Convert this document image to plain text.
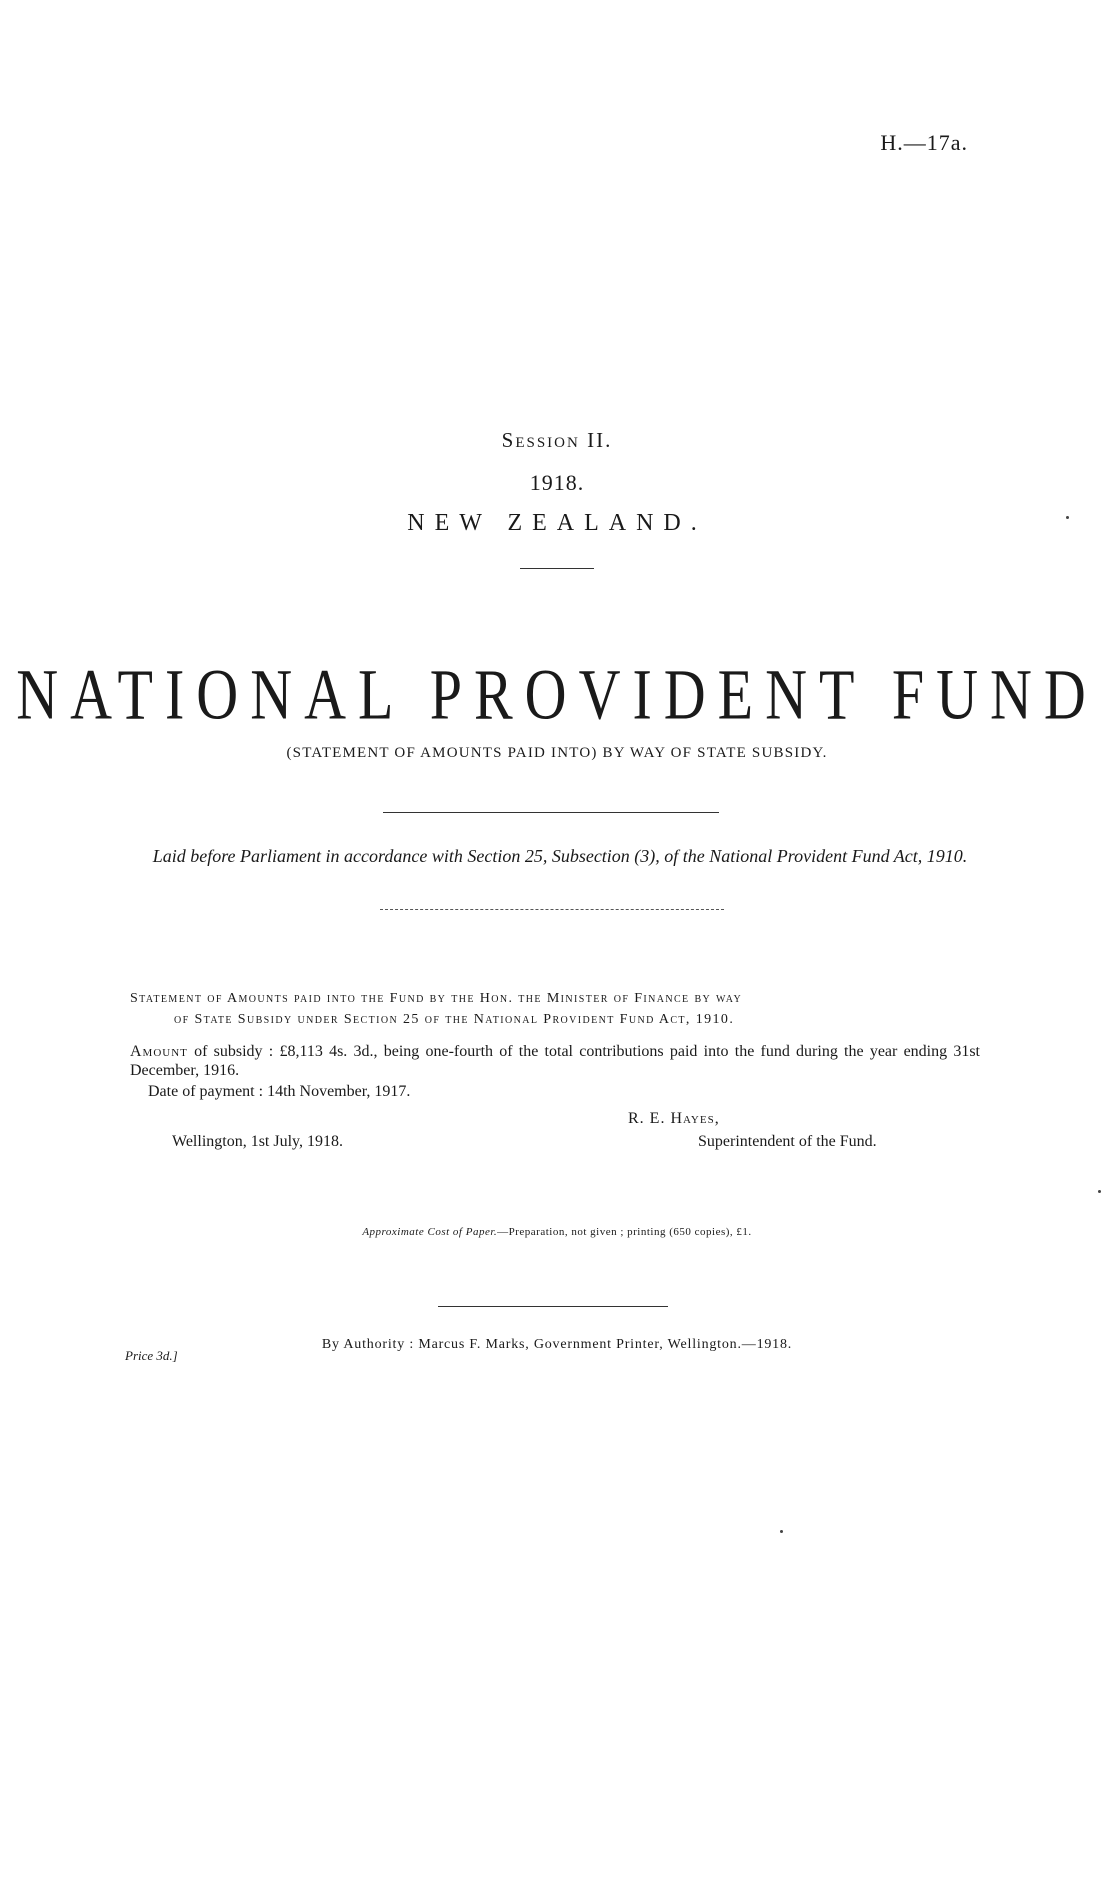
H.—17a.
Session II.
1918.
NEW ZEALAND.
NATIONAL PROVIDENT FUND
(STATEMENT OF AMOUNTS PAID INTO) BY WAY OF STATE SUBSIDY.
Laid before Parliament in accordance with Section 25, Subsection (3), of the National Provident Fund Act, 1910.
Statement of Amounts paid into the Fund by the Hon. the Minister of Finance by way
of State Subsidy under Section 25 of the National Provident Fund Act, 1910.
Amount of subsidy : £8,113 4s. 3d., being one-fourth of the total contributions paid into the fund during the year ending 31st December, 1916.
Date of payment : 14th November, 1917.
R. E. Hayes,
Wellington, 1st July, 1918.	Superintendent of the Fund.
Approximate Cost of Paper.—Preparation, not given ; printing (650 copies), £1.
By Authority : Marcus F. Marks, Government Printer, Wellington.—1918.
Price 3d.]
